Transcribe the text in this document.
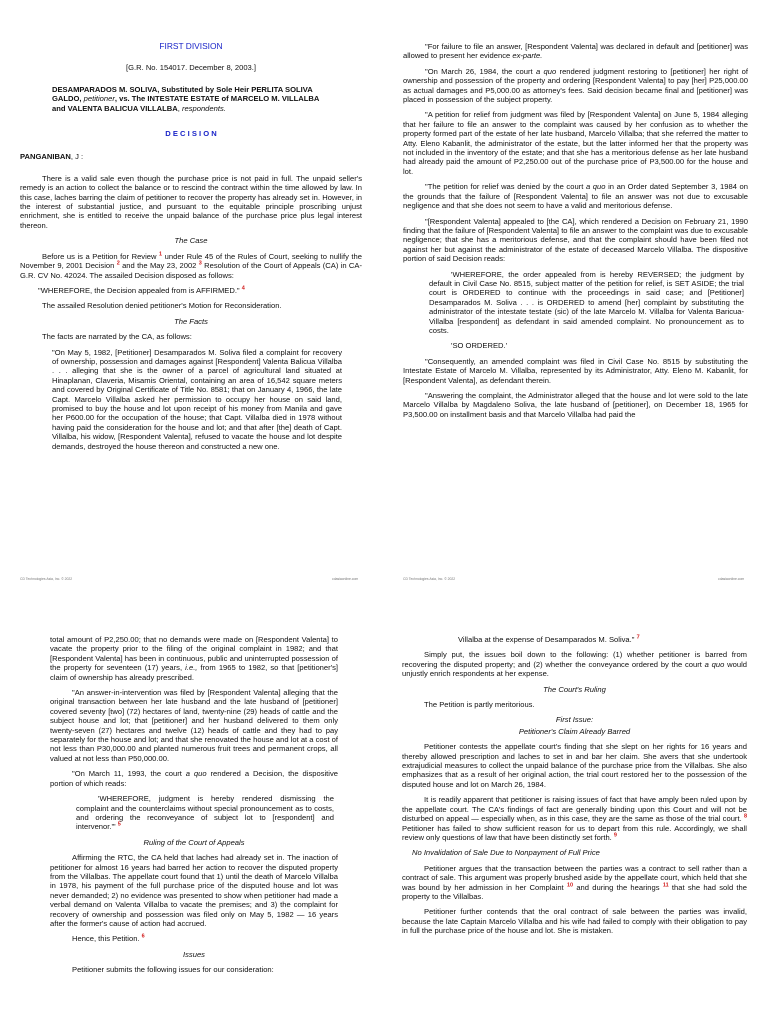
FIRST DIVISION

[G.R. No. 154017. December 8, 2003.]

DESAMPARADOS M. SOLIVA, Substituted by Sole Heir PERLITA SOLIVA GALDO, petitioner, vs. The INTESTATE ESTATE of MARCELO M. VILLALBA and VALENTA BALICUA VILLALBA, respondents.

D E C I S I O N

PANGANIBAN, J :

There is a valid sale even though the purchase price is not paid in full. The unpaid seller's remedy is an action to collect the balance or to rescind the contract within the time allowed by law. In this case, laches barring the claim of petitioner to recover the property has already set in. However, in the interest of substantial justice, and pursuant to the equitable principle proscribing unjust enrichment, she is entitled to receive the unpaid balance of the purchase price plus legal interest thereon.

The Case

Before us is a Petition for Review $^1$ under Rule 45 of the Rules of Court, seeking to nullify the November 9, 2001 Decision $^2$ and the May 23, 2002 $^3$ Resolution of the Court of Appeals (CA) in CA-G.R. CV No. 42024. The assailed Decision disposed as follows:

"WHEREFORE, the Decision appealed from is AFFIRMED." $^4$

The assailed Resolution denied petitioner's Motion for Reconsideration.

The Facts

The facts are narrated by the CA, as follows:

"On May 5, 1982, [Petitioner] Desamparados M. Soliva filed a complaint for recovery of ownership, possession and damages against [Respondent] Valenta Balicua Villalba . . . alleging that she is the owner of a parcel of agricultural land situated at Hinaplanan, Claveria, Misamis Oriental, containing an area of 16,542 square meters and covered by Original Certificate of Title No. 8581; that on January 4, 1966, the late Capt. Marcelo Villalba asked her permission to occupy her house on said land, promised to buy the house and lot upon receipt of his money from Manila and gave her P600.00 for the occupation of the house; that Capt. Villalba died in 1978 without having paid the consideration for the house and lot; and that after [the] death of Capt. Villalba, his widow, [Respondent Valenta], refused to vacate the house and lot despite demands, destroyed the house thereon and constructed a new one.

CD Technologies Asia, Inc. © 2022	cdasiaonline.com

"For failure to file an answer, [Respondent Valenta] was declared in default and [petitioner] was allowed to present her evidence ex-parte.

"On March 26, 1984, the court a quo rendered judgment restoring to [petitioner] her right of ownership and possession of the property and ordering [Respondent Valenta] to pay [her] P25,000.00 as actual damages and P5,000.00 as attorney's fees. Said decision became final and [petitioner] was placed in possession of the subject property.

"A petition for relief from judgment was filed by [Respondent Valenta] on June 5, 1984 alleging that her failure to file an answer to the complaint was caused by her confusion as to whether the property formed part of the estate of her late husband, Marcelo Villalba; that she referred the matter to Atty. Eleno Kabanlit, the administrator of the estate, but the latter informed her that the property was not included in the inventory of the estate; and that she has a meritorious defense as her late husband had already paid the amount of P2,250.00 out of the purchase price of P3,500.00 for the house and lot.

"The petition for relief was denied by the court a quo in an Order dated September 3, 1984 on the grounds that the failure of [Respondent Valenta] to file an answer was not due to excusable negligence and that she does not seem to have a valid and meritorious defense.

"[Respondent Valenta] appealed to [the CA], which rendered a Decision on February 21, 1990 finding that the failure of [Respondent Valenta] to file an answer to the complaint was due to excusable negligence; that she has a meritorious defense, and that the complaint should have been filed not against her but against the administrator of the estate of deceased Marcelo Villalba. The dispositive portion of said Decision reads:

'WHEREFORE, the order appealed from is hereby REVERSED; the judgment by default in Civil Case No. 8515, subject matter of the petition for relief, is SET ASIDE; the trial court is ORDERED to continue with the proceedings in said case; and [Petitioner] Desamparados M. Soliva . . . is ORDERED to amend [her] complaint by substituting the administrator of the intestate testate (sic) of the late Marcelo M. Villalba for Valenta Baricua-Villalba [respondent] as defendant in said amended complaint. No pronouncement as to costs.

'SO ORDERED.'

"Consequently, an amended complaint was filed in Civil Case No. 8515 by substituting the Intestate Estate of Marcelo M. Villalba, represented by its Administrator, Atty. Eleno M. Kabanlit, for [Respondent Valenta], as defendant therein.

"Answering the complaint, the Administrator alleged that the house and lot were sold to the late Marcelo Villalba by Magdaleno Soliva, the late husband of [petitioner], on December 18, 1965 for P3,500.00 on installment basis and that Marcelo Villalba had paid the

CD Technologies Asia, Inc. © 2022	cdasiaonline.com

total amount of P2,250.00; that no demands were made on [Respondent Valenta] to vacate the property prior to the filing of the original complaint in 1982; and that [Respondent Valenta] has been in continuous, public and uninterrupted possession of the property for seventeen (17) years, i.e., from 1965 to 1982, so that [petitioner's] claim of ownership has already prescribed.

"An answer-in-intervention was filed by [Respondent Valenta] alleging that the original transaction between her late husband and the late husband of [petitioner] covered seventy [two] (72) hectares of land, twenty-nine (29) heads of cattle and the subject house and lot; that [petitioner] and her husband delivered to them only twenty-seven (27) hectares and twelve (12) heads of cattle and they had to pay separately for the house and lot; and that she renovated the house and lot at a cost of not less than P30,000.00 and planted numerous fruit trees and permanent crops, all valued at not less than P50,000.00.

"On March 11, 1993, the court a quo rendered a Decision, the dispositive portion of which reads:

'WHEREFORE, judgment is hereby rendered dismissing the complaint and the counterclaims without special pronouncement as to costs, and ordering the reconveyance of subject lot to [respondent] and intervenor.'" $^5$

Ruling of the Court of Appeals

Affirming the RTC, the CA held that laches had already set in. The inaction of petitioner for almost 16 years had barred her action to recover the disputed property from the Villalbas. The appellate court found that 1) until the death of Marcelo Villalba in 1978, his payment of the full purchase price of the disputed house and lot was never demanded; 2) no evidence was presented to show when petitioner had made a verbal demand on Valenta Villalba to vacate the premises; and 3) the complaint for recovery of ownership and possession was filed only on May 5, 1982 — 16 years after the former's cause of action had accrued.

Hence, this Petition. $^6$

Issues

Petitioner submits the following issues for our consideration:

Villalba at the expense of Desamparados M. Soliva." $^7$

Simply put, the issues boil down to the following: (1) whether petitioner is barred from recovering the disputed property; and (2) whether the conveyance ordered by the court a quo would unjustly enrich respondents at her expense.

The Court's Ruling

The Petition is partly meritorious.

First Issue:

Petitioner's Claim Already Barred

Petitioner contests the appellate court's finding that she slept on her rights for 16 years and thereby allowed prescription and laches to set in and bar her claim. She avers that she undertook extrajudicial measures to collect the unpaid balance of the purchase price from the Villalbas. She also emphasizes that as a result of her original action, the trial court restored her to the possession of the disputed house and lot on March 26, 1984.

It is readily apparent that petitioner is raising issues of fact that have amply been ruled upon by the appellate court. The CA's findings of fact are generally binding upon this Court and will not be disturbed on appeal — especially when, as in this case, they are the same as those of the trial court. $^8$ Petitioner has failed to show sufficient reason for us to depart from this rule. Accordingly, we shall review only questions of law that have been distinctly set forth. $^9$

No Invalidation of Sale Due to Nonpayment of Full Price

Petitioner argues that the transaction between the parties was a contract to sell rather than a contract of sale. This argument was properly brushed aside by the appellate court, which held that she was bound by her admission in her Complaint $^{10}$ and during the hearings $^{11}$ that she had sold the property to the Villalbas.

Petitioner further contends that the oral contract of sale between the parties was invalid, because the late Captain Marcelo Villalba and his wife had failed to comply with their obligation to pay in full the purchase price of the house and lot. She is mistaken.
